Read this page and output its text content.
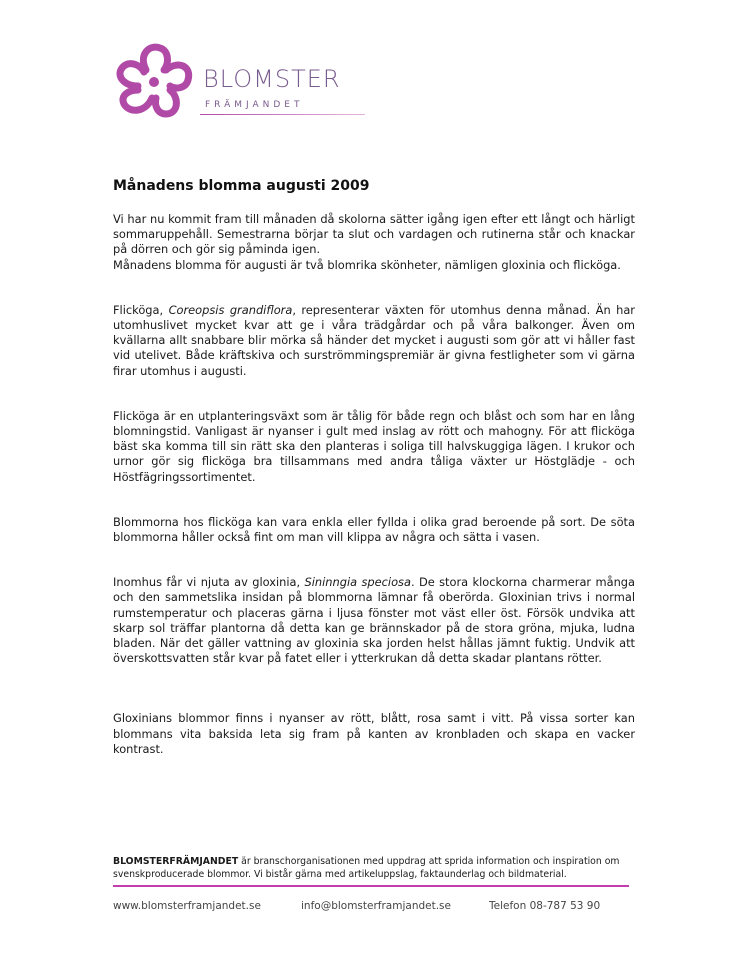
BLOMSTER
FRÄMJANDET
Månadens blomma augusti 2009

Vi har nu kommit fram till månaden då skolorna sätter igång igen efter ett långt och härligt sommaruppehåll. Semestrarna börjar ta slut och vardagen och rutinerna står och knackar på dörren och gör sig påminda igen.

Månadens blomma för augusti är två blomrika skönheter, nämligen gloxinia och flickögа.

Flicköga, Coreopsis grandiflora, representerar växten för utomhus denna månad. Än har utomhuslivet mycket kvar att ge i våra trädgårdar och på våra balkonger. Även om kvällarna allt snabbare blir mörka så händer det mycket i augusti som gör att vi håller fast vid utelivet. Både kräftskiva och surströmmingspremiär är givna festligheter som vi gärna firar utomhus i augusti.

Flicköga är en utplanteringsväxt som är tålig för både regn och blåst och som har en lång blomningstid. Vanligast är nyanser i gult med inslag av rött och mahogny. För att flicköga bäst ska komma till sin rätt ska den planteras i soliga till halvskuggiga lägen. I krukor och urnor gör sig flicköga bra tillsammans med andra tåliga växter ur Höstglädje - och Höstfägringssortimentet.

Blommorna hos flicköga kan vara enkla eller fyllda i olika grad beroende på sort. De söta blommorna håller också fint om man vill klippa av några och sätta i vasen.

Inomhus får vi njuta av gloxinia, Sininngia speciosa. De stora klockorna charmerar många och den sammetslika insidan på blommorna lämnar få oberörda. Gloxinian trivs i normal rumstemperatur och placeras gärna i ljusa fönster mot väst eller öst. Försök undvika att skarp sol träffar plantorna då detta kan ge brännskador på de stora gröna, mjuka, ludna bladen. När det gäller vattning av gloxinia ska jorden helst hållas jämnt fuktig. Undvik att överskottsvatten står kvar på fatet eller i ytterkrukan då detta skadar plantans rötter.

Gloxinians blommor finns i nyanser av rött, blått, rosa samt i vitt. På vissa sorter kan blommans vita baksida leta sig fram på kanten av kronbladen och skapa en vacker kontrast.

BLOMSTERFRÄMJANDET är branschorganisationen med uppdrag att sprida information och inspiration om svenskproducerade blommor. Vi bistår gärna med artikeluppslag, faktaunderlag och bildmaterial.
www.blomsterframjandet.se	info@blomsterframjandet.se	Telefon 08-787 53 90
